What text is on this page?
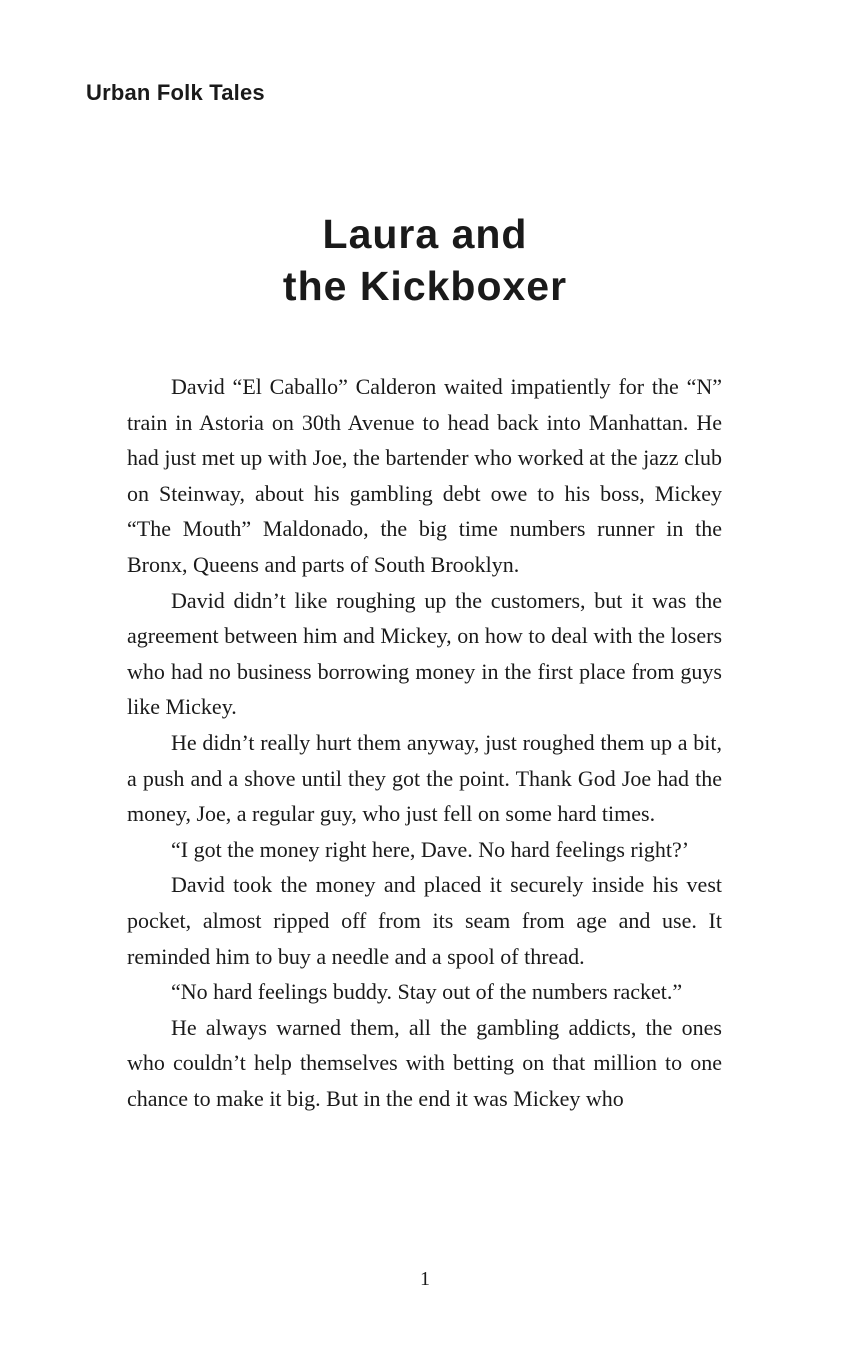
Urban Folk Tales
Laura and
the Kickboxer

David “El Caballo” Calderon waited impatiently for the “N” train in Astoria on 30th Avenue to head back into Manhattan. He had just met up with Joe, the bartender who worked at the jazz club on Steinway, about his gambling debt owe to his boss, Mickey “The Mouth” Maldonado, the big time numbers runner in the Bronx, Queens and parts of South Brooklyn.

David didn’t like roughing up the customers, but it was the agreement between him and Mickey, on how to deal with the losers who had no business borrowing money in the first place from guys like Mickey.

He didn’t really hurt them anyway, just roughed them up a bit, a push and a shove until they got the point. Thank God Joe had the money, Joe, a regular guy, who just fell on some hard times.

“I got the money right here, Dave. No hard feelings right?’

David took the money and placed it securely inside his vest pocket, almost ripped off from its seam from age and use. It reminded him to buy a needle and a spool of thread.

“No hard feelings buddy. Stay out of the numbers racket.”

He always warned them, all the gambling addicts, the ones who couldn’t help themselves with betting on that million to one chance to make it big. But in the end it was Mickey who

1
